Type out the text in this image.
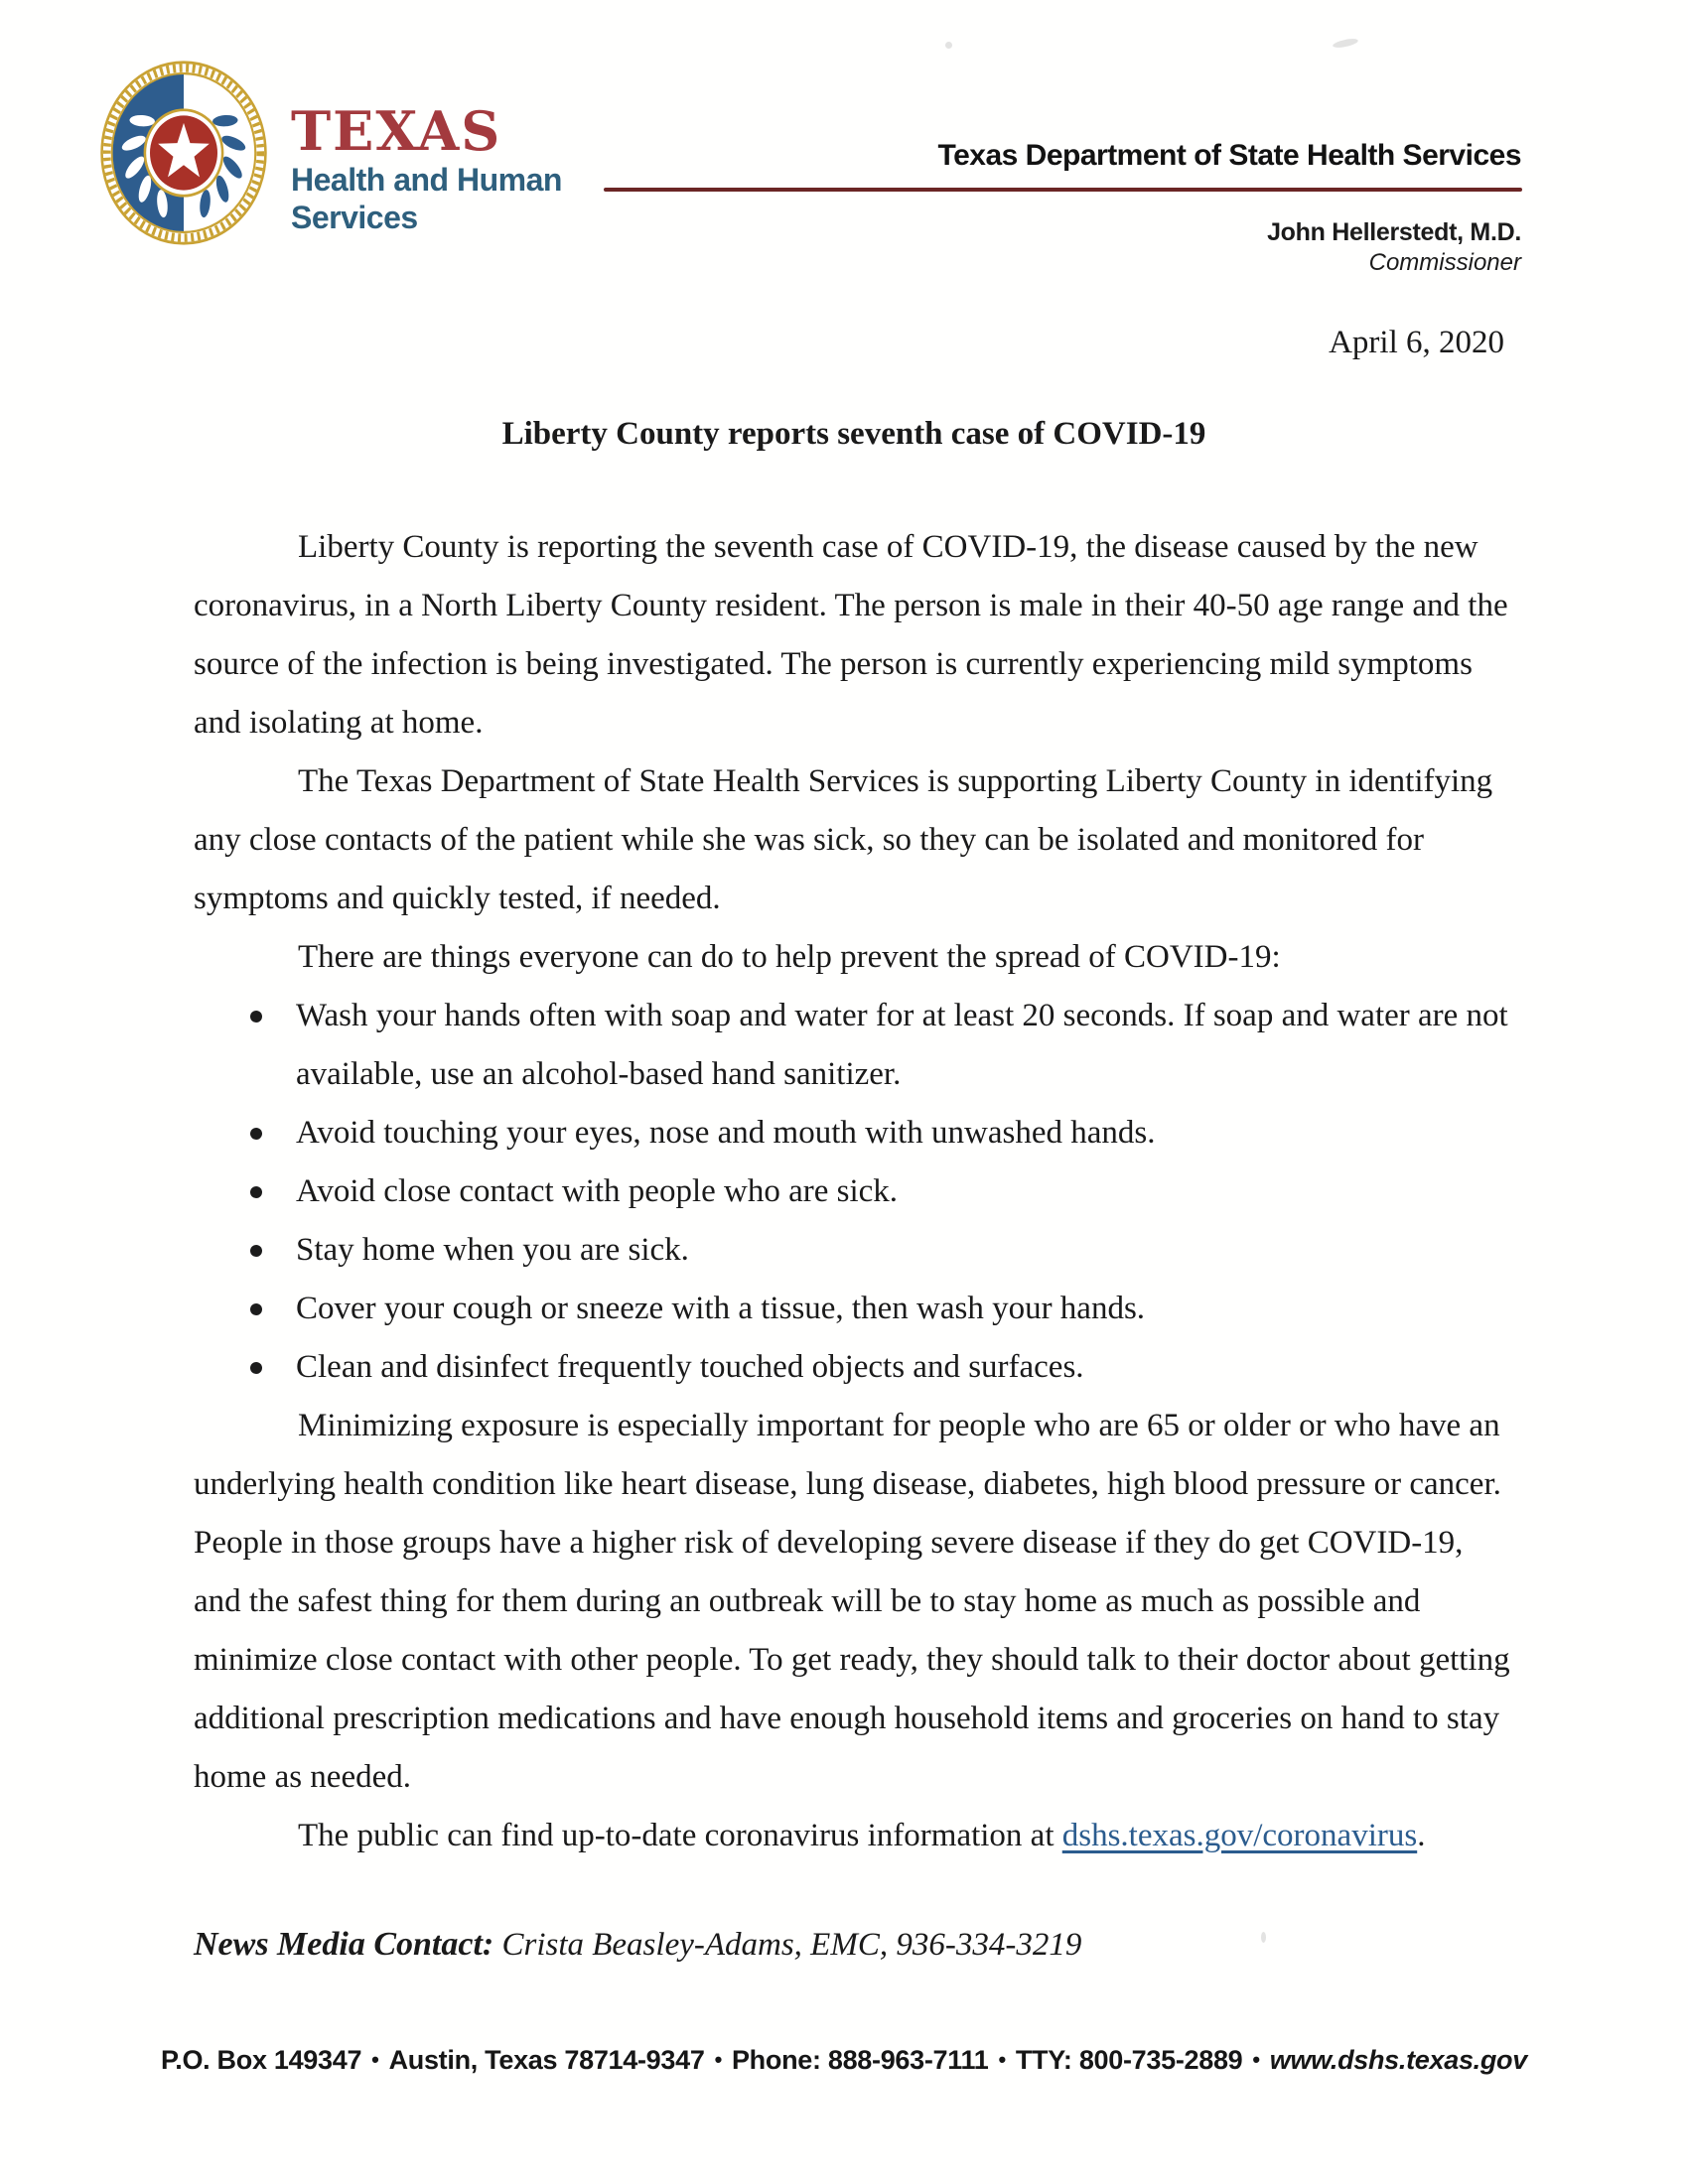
TEXAS
Health and Human
Services
Texas Department of State Health Services
John Hellerstedt, M.D.
Commissioner
April 6, 2020
Liberty County reports seventh case of COVID-19

Liberty County is reporting the seventh case of COVID-19, the disease caused by the new coronavirus, in a North Liberty County resident. The person is male in their 40-50 age range and the source of the infection is being investigated. The person is currently experiencing mild symptoms and isolating at home.

The Texas Department of State Health Services is supporting Liberty County in identifying any close contacts of the patient while she was sick, so they can be isolated and monitored for symptoms and quickly tested, if needed.

There are things everyone can do to help prevent the spread of COVID-19:

Wash your hands often with soap and water for at least 20 seconds. If soap and water are not available, use an alcohol-based hand sanitizer.
Avoid touching your eyes, nose and mouth with unwashed hands.
Avoid close contact with people who are sick.
Stay home when you are sick.
Cover your cough or sneeze with a tissue, then wash your hands.
Clean and disinfect frequently touched objects and surfaces.

Minimizing exposure is especially important for people who are 65 or older or who have an underlying health condition like heart disease, lung disease, diabetes, high blood pressure or cancer. People in those groups have a higher risk of developing severe disease if they do get COVID-19, and the safest thing for them during an outbreak will be to stay home as much as possible and minimize close contact with other people. To get ready, they should talk to their doctor about getting additional prescription medications and have enough household items and groceries on hand to stay home as needed.

The public can find up-to-date coronavirus information at dshs.texas.gov/coronavirus.

News Media Contact: Crista Beasley-Adams, EMC, 936-334-3219

P.O. Box 149347 • Austin, Texas 78714-9347 • Phone: 888-963-7111 • TTY: 800-735-2889 • www.dshs.texas.gov
